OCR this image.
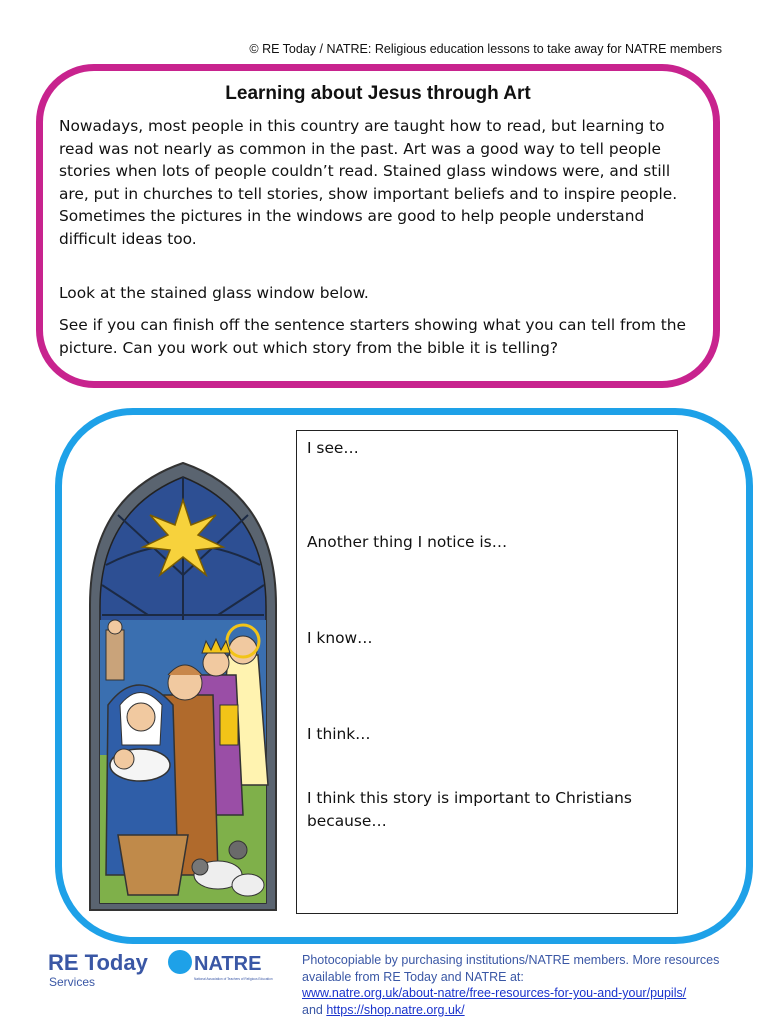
© RE Today / NATRE: Religious education lessons to take away for NATRE members
Learning about Jesus through Art

Nowadays, most people in this country are taught how to read, but learning to read was not nearly as common in the past. Art was a good way to tell people stories when lots of people couldn’t read. Stained glass windows were, and still are, put in churches to tell stories, show important beliefs and to inspire people. Sometimes the pictures in the windows are good to help people understand difficult ideas too.

Look at the stained glass window below.

See if you can finish off the sentence starters showing what you can tell from the picture. Can you work out which story from the bible it is telling?

I see…
Another thing I notice is…
I know…
I think…
I think this story is important to Christians because…
RE Today
Services
NATRE
National Association of Teachers of Religious Education
Photocopiable by purchasing institutions/NATRE members. More resources available from RE Today and NATRE at:
www.natre.org.uk/about-natre/free-resources-for-you-and-your/pupils/
and https://shop.natre.org.uk/
